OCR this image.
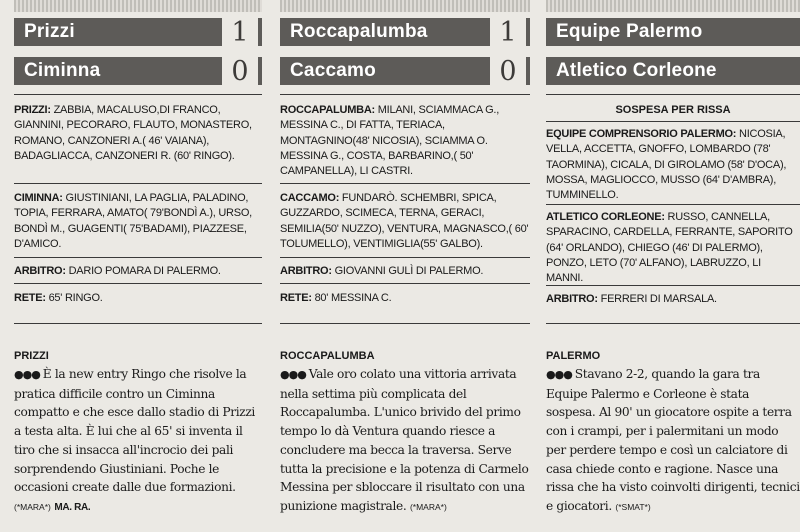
Prizzi	1
Ciminna	0
PRIZZI: ZABBIA, MACALUSO,DI FRANCO, GIANNINI, PECORARO, FLAUTO, MONASTERO, ROMANO, CANZONERI A.( 46' VAIANA), BADAGLIACCA, CANZONERI R. (60' RINGO).
CIMINNA: GIUSTINIANI, LA PAGLIA, PALADINO, TOPIA, FERRARA, AMATO( 79'BONDÌ A.), URSO, BONDÌ M., GUAGENTI( 75'BADAMI), PIAZZESE, D'AMICO.
ARBITRO: DARIO POMARA DI PALERMO.
RETE: 65' RINGO.
PRIZZI
●●● È la new entry Ringo che risolve la pratica difficile contro un Ciminna compatto e che esce dallo stadio di Prizzi a testa alta. È lui che al 65' si inventa il tiro che si insacca all'incrocio dei pali sorprendendo Giustiniani. Poche le occasioni create dalle due formazioni. (*MARA*) MA. RA.
Roccapalumba	1
Caccamo	0
ROCCAPALUMBA: MILANI, SCIAMMACA G., MESSINA C., DI FATTA, TERIACA, MONTAGNINO(48' NICOSIA), SCIAMMA O. MESSINA G., COSTA, BARBARINO,( 50' CAMPANELLA), LI CASTRI.
CACCAMO: FUNDARÒ. SCHEMBRI, SPICA, GUZZARDO, SCIMECA, TERNA, GERACI, SEMILIA(50' NUZZO), VENTURA, MAGNASCO,( 60' TOLUMELLO), VENTIMIGLIA(55' GALBO).
ARBITRO: GIOVANNI GULÌ DI PALERMO.
RETE: 80' MESSINA C.
ROCCAPALUMBA
●●● Vale oro colato una vittoria arrivata nella settima più complicata del Roccapalumba. L'unico brivido del primo tempo lo dà Ventura quando riesce a concludere ma becca la traversa. Serve tutta la precisione e la potenza di Carmelo Messina per sbloccare il risultato con una punizione magistrale. (*MARA*)
Equipe Palermo
Atletico Corleone
SOSPESA PER RISSA
EQUIPE COMPRENSORIO PALERMO: NICOSIA, VELLA, ACCETTA, GNOFFO, LOMBARDO (78' TAORMINA), CICALA, DI GIROLAMO (58' D'OCA), MOSSA, MAGLIOCCO, MUSSO (64' D'AMBRA), TUMMINELLO.
ATLETICO CORLEONE: RUSSO, CANNELLA, SPARACINO, CARDELLA, FERRANTE, SAPORITO (64' ORLANDO), CHIEGO (46' DI PALERMO), PONZO, LETO (70' ALFANO), LABRUZZO, LI MANNI.
ARBITRO: FERRERI DI MARSALA.
PALERMO
●●● Stavano 2-2, quando la gara tra Equipe Palermo e Corleone è stata sospesa. Al 90' un giocatore ospite a terra con i crampi, per i palermitani un modo per perdere tempo e così un calciatore di casa chiede conto e ragione. Nasce una rissa che ha visto coinvolti dirigenti, tecnici e giocatori. (*SMAT*)
